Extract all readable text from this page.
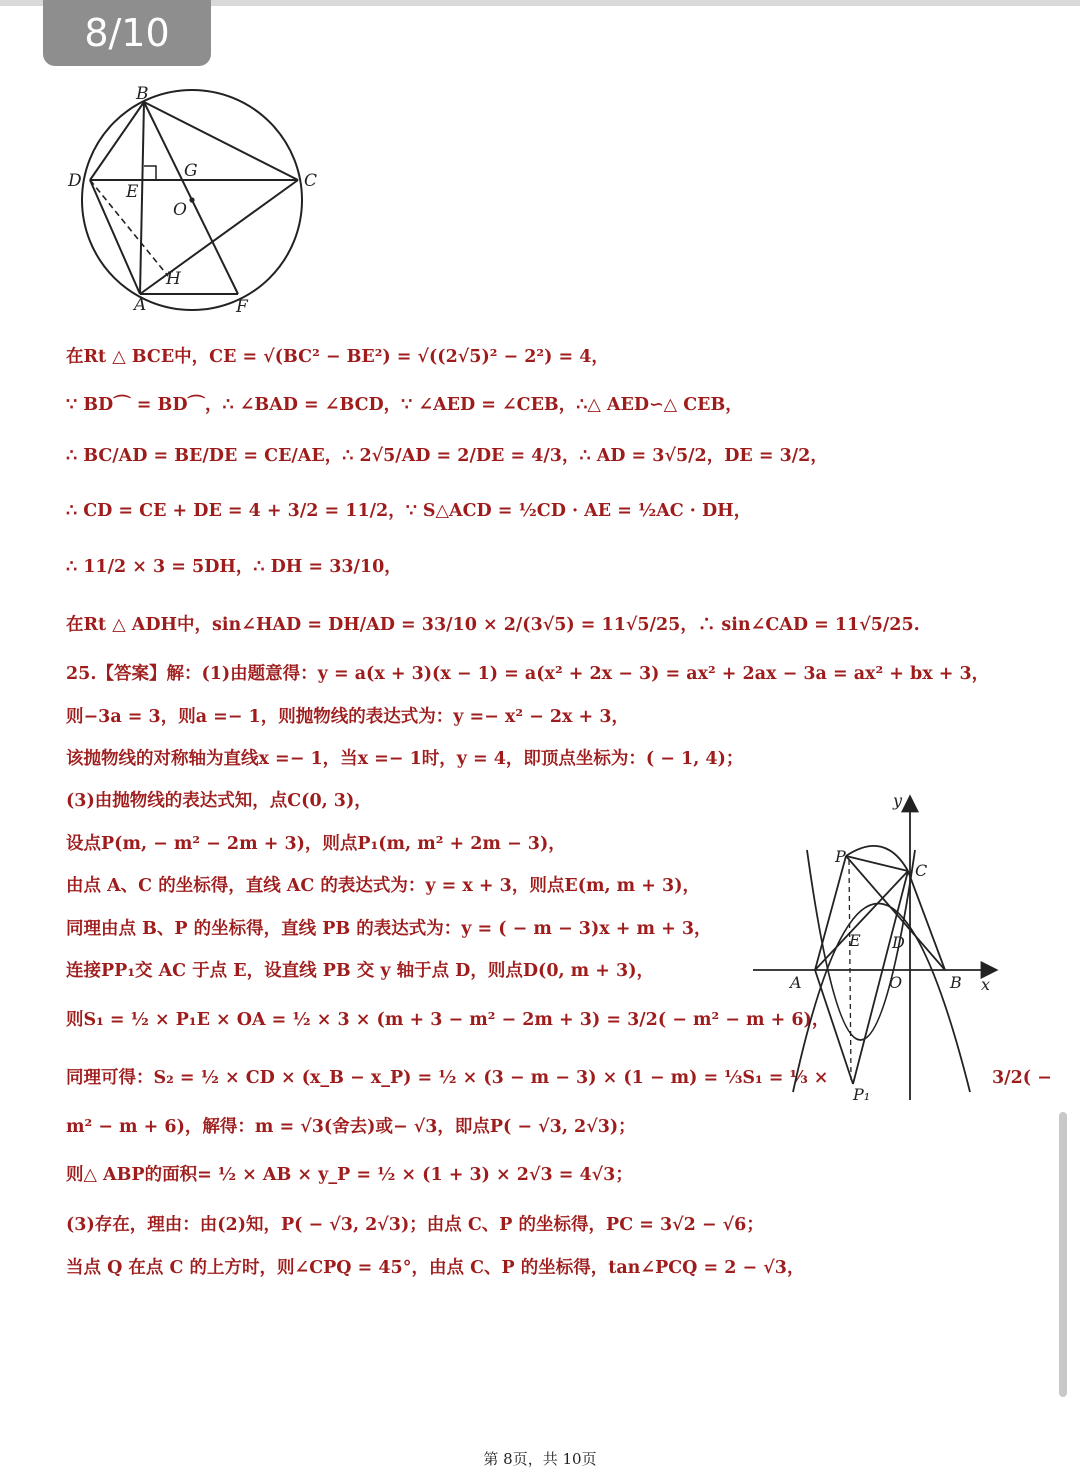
8/10
B
D
E
G
O
C
H
A	F
在Rt △ BCE中，CE = √(BC² − BE²) = √((2√5)² − 2²) = 4，
∵ BD⌒ = BD⌒，∴ ∠BAD = ∠BCD，∵ ∠AED = ∠CEB，∴△ AED∽△ CEB，
∴ BC/AD = BE/DE = CE/AE，∴ 2√5/AD = 2/DE = 4/3，∴ AD = 3√5/2，DE = 3/2，
∴ CD = CE + DE = 4 + 3/2 = 11/2，∵ S△ACD = ½CD · AE = ½AC · DH，
∴ 11/2 × 3 = 5DH，∴ DH = 33/10，
在Rt △ ADH中，sin∠HAD = DH/AD = 33/10 × 2/(3√5) = 11√5/25，∴ sin∠CAD = 11√5/25.
25.【答案】解：(1)由题意得：y = a(x + 3)(x − 1) = a(x² + 2x − 3) = ax² + 2ax − 3a = ax² + bx + 3，
则−3a = 3，则a =− 1，则抛物线的表达式为：y =− x² − 2x + 3，
该抛物线的对称轴为直线x =− 1，当x =− 1时，y = 4，即顶点坐标为：( − 1, 4)；
(3)由抛物线的表达式知，点C(0, 3)，
设点P(m, − m² − 2m + 3)，则点P₁(m, m² + 2m − 3)，
由点 A、C 的坐标得，直线 AC 的表达式为：y = x + 3，则点E(m, m + 3)，
同理由点 B、P 的坐标得，直线 PB 的表达式为：y = ( − m − 3)x + m + 3，
连接PP₁交 AC 于点 E，设直线 PB 交 y 轴于点 D，则点D(0, m + 3)，
则S₁ = ½ × P₁E × OA = ½ × 3 × (m + 3 − m² − 2m + 3) = 3/2( − m² − m + 6)，
同理可得：S₂ = ½ × CD × (x_B − x_P) = ½ × (3 − m − 3) × (1 − m) = ⅓S₁ = ⅓ ×	3/2( −
m² − m + 6)，解得：m = √3(舍去)或− √3，即点P( − √3, 2√3)；
则△ ABP的面积= ½ × AB × y_P = ½ × (1 + 3) × 2√3 = 4√3；
(3)存在，理由：由(2)知，P( − √3, 2√3)；由点 C、P 的坐标得，PC = 3√2 − √6；
当点 Q 在点 C 的上方时，则∠CPQ = 45°，由点 C、P 的坐标得，tan∠PCQ = 2 − √3，
y
x
P
C
E D
A	O	B
P₁
第 8页，共 10页
